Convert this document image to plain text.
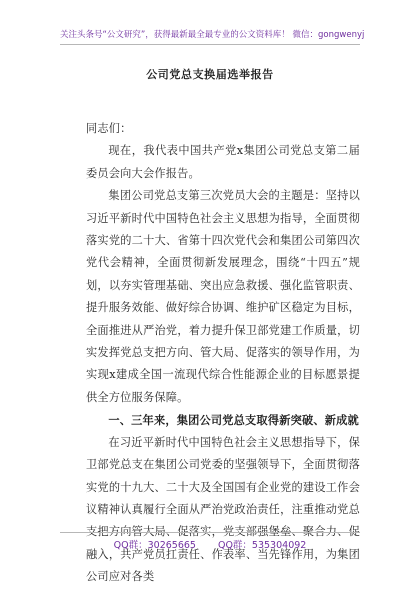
关注头条号“公文研究”，获得最新最全最专业的公文资料库！ 微信：gongwenyj
公司党总支换届选举报告

同志们：

现在，我代表中国共产党x集团公司党总支第二届委员会向大会作报告。

集团公司党总支第三次党员大会的主题是：坚持以习近平新时代中国特色社会主义思想为指导，全面贯彻落实党的二十大、省第十四次党代会和集团公司第四次党代会精神，全面贯彻新发展理念，围绕“十四五”规划，以夯实管理基础、突出应急救援、强化监管职责、提升服务效能、做好综合协调、维护矿区稳定为目标，全面推进从严治党，着力提升保卫部党建工作质量，切实发挥党总支把方向、管大局、促落实的领导作用，为实现x建成全国一流现代综合性能源企业的目标愿景提供全方位服务保障。

一、三年来，集团公司党总支取得新突破、新成就

在习近平新时代中国特色社会主义思想指导下，保卫部党总支在集团公司党委的坚强领导下，全面贯彻落实党的十九大、二十大及全国国有企业党的建设工作会议精神认真履行全面从严治党政治责任，注重推动党总支把方向管大局、促落实，党支部强堡垒、聚合力、促融入，共产党员扛责任、作表率、当先锋作用，为集团公司应对各类

QQ群：30265665 QQ群：535304092
